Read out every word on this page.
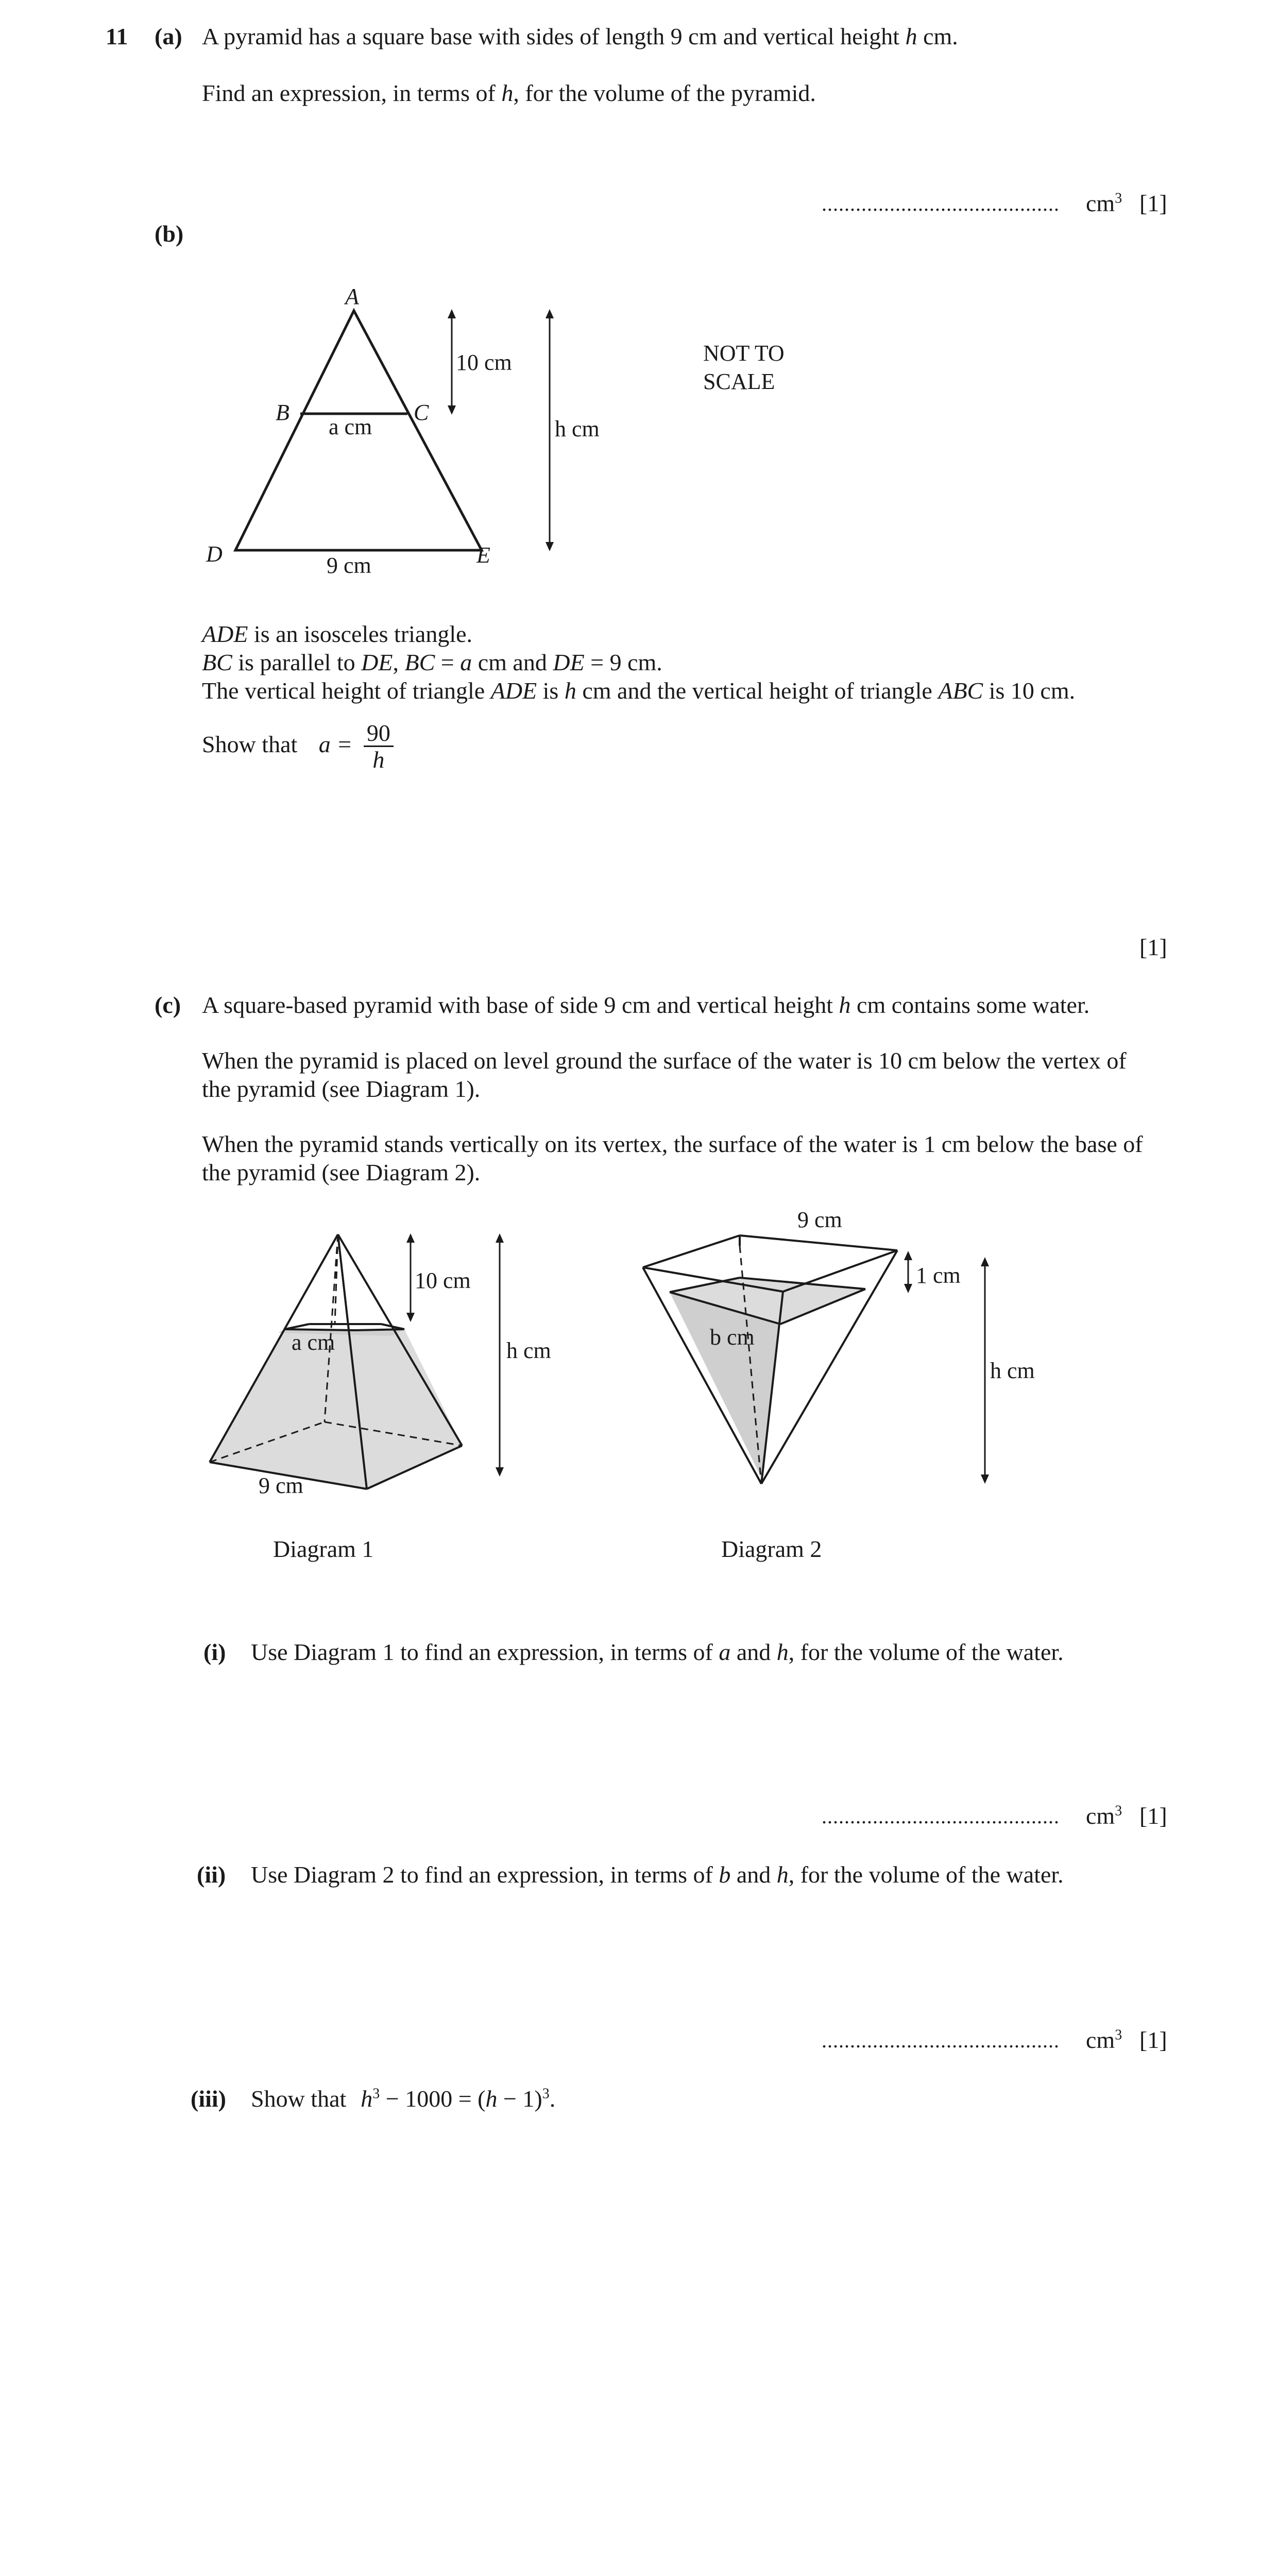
11 (a) A pyramid has a square base with sides of length 9 cm and vertical height h cm.
Find an expression, in terms of h, for the volume of the pyramid.
.......................................... $cm^3$ [1]
(b)
A
B	C
D	E
a cm
9 cm
10 cm
h cm
NOT TO
SCALE
ADE is an isosceles triangle.
BC is parallel to DE, BC = a cm and DE = 9 cm.
The vertical height of triangle ADE is h cm and the vertical height of triangle ABC is 10 cm.
Show that $a = \frac{90}{h}$
[1]
(c) A square-based pyramid with base of side 9 cm and vertical height h cm contains some water.
When the pyramid is placed on level ground the surface of the water is 10 cm below the vertex of
the pyramid (see Diagram 1).
When the pyramid stands vertically on its vertex, the surface of the water is 1 cm below the base of
the pyramid (see Diagram 2).
10 cm
a cm	h cm
9 cm
9 cm
1 cm
b cm
h cm
Diagram 1	Diagram 2
(i) Use Diagram 1 to find an expression, in terms of a and h, for the volume of the water.
.......................................... $cm^3$ [1]
(ii) Use Diagram 2 to find an expression, in terms of b and h, for the volume of the water.
.......................................... $cm^3$ [1]
(iii) Show that $h^3 - 1000 = (h - 1)^3$.
